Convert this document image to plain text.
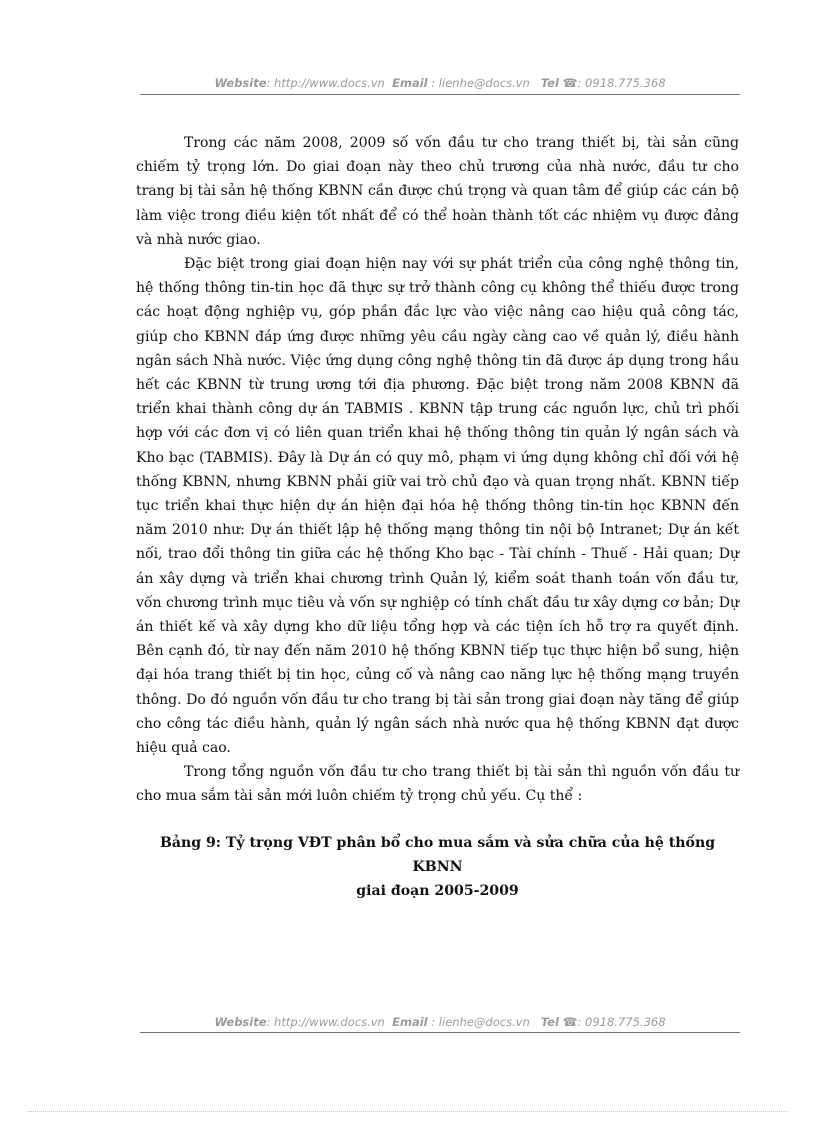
Website: http://www.docs.vn Email : lienhe@docs.vn Tel ☎: 0918.775.368

Trong các năm 2008, 2009 số vốn đầu tư cho trang thiết bị, tài sản cũng chiếm tỷ trọng lớn. Do giai đoạn này theo chủ trương của nhà nước, đầu tư cho trang bị tài sản hệ thống KBNN cần được chú trọng và quan tâm để giúp các cán bộ làm việc trong điều kiện tốt nhất để có thể hoàn thành tốt các nhiệm vụ được đảng và nhà nước giao.

Đặc biệt trong giai đoạn hiện nay với sự phát triển của công nghệ thông tin, hệ thống thông tin-tin học đã thực sự trở thành công cụ không thể thiếu được trong các hoạt động nghiệp vụ, góp phần đắc lực vào việc nâng cao hiệu quả công tác, giúp cho KBNN đáp ứng được những yêu cầu ngày càng cao về quản lý, điều hành ngân sách Nhà nước. Việc ứng dụng công nghệ thông tin đã được áp dụng trong hầu hết các KBNN từ trung ương tới địa phương. Đặc biệt trong năm 2008 KBNN đã triển khai thành công dự án TABMIS . KBNN tập trung các nguồn lực, chủ trì phối hợp với các đơn vị có liên quan triển khai hệ thống thông tin quản lý ngân sách và Kho bạc (TABMIS). Đây là Dự án có quy mô, phạm vi ứng dụng không chỉ đối với hệ thống KBNN, nhưng KBNN phải giữ vai trò chủ đạo và quan trọng nhất. KBNN tiếp tục triển khai thực hiện dự án hiện đại hóa hệ thống thông tin-tin học KBNN đến năm 2010 như: Dự án thiết lập hệ thống mạng thông tin nội bộ Intranet; Dự án kết nối, trao đổi thông tin giữa các hệ thống Kho bạc - Tài chính - Thuế - Hải quan; Dự án xây dựng và triển khai chương trình Quản lý, kiểm soát thanh toán vốn đầu tư, vốn chương trình mục tiêu và vốn sự nghiệp có tính chất đầu tư xây dựng cơ bản; Dự án thiết kế và xây dựng kho dữ liệu tổng hợp và các tiện ích hỗ trợ ra quyết định. Bên cạnh đó, từ nay đến năm 2010 hệ thống KBNN tiếp tục thực hiện bổ sung, hiện đại hóa trang thiết bị tin học, củng cố và nâng cao năng lực hệ thống mạng truyền thông. Do đó nguồn vốn đầu tư cho trang bị tài sản trong giai đoạn này tăng để giúp cho công tác điều hành, quản lý ngân sách nhà nước qua hệ thống KBNN đạt được hiệu quả cao.

Trong tổng nguồn vốn đầu tư cho trang thiết bị tài sản thì nguồn vốn đầu tư cho mua sắm tài sản mới luôn chiếm tỷ trọng chủ yếu. Cụ thể :

Bảng 9: Tỷ trọng VĐT phân bổ cho mua sắm và sửa chữa của hệ thống KBNN
giai đoạn 2005-2009
Website: http://www.docs.vn Email : lienhe@docs.vn Tel ☎: 0918.775.368
